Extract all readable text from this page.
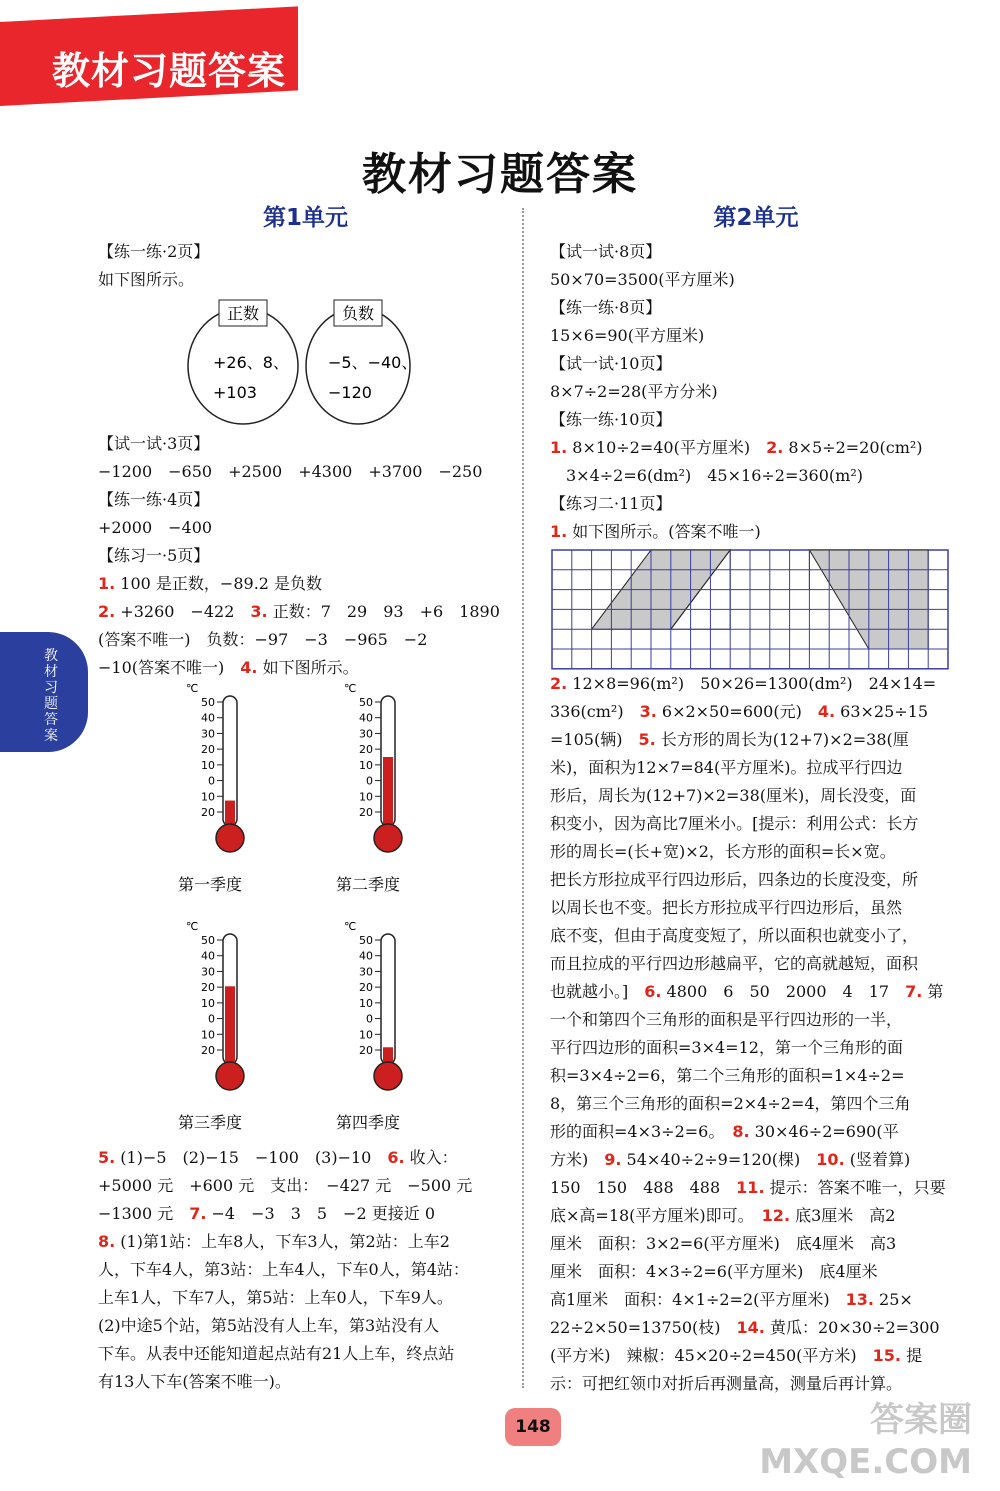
教材习题答案
教材习题答案
教材习题答案
第1单元
【练一练·2页】
如下图所示。
正数
+26、8、
+103
负数
−5、−40、
−120
【试一试·3页】
−1200　−650　+2500　+4300　+3700　−250
【练一练·4页】
+2000　−400
【练习一·5页】
1. 100 是正数，−89.2 是负数
2. +3260　−422　3. 正数：7　29　93　+6　1890
(答案不唯一)　负数：−97　−3　−965　−2
−10(答案不唯一)　4. 如下图所示。
℃
50
40
30
20
10
0
10
20
第一季度
℃
50
40
30
20
10
0
10
20
第二季度
℃
50
40
30
20
10
0
10
20
第三季度
℃
50
40
30
20
10
0
10
20
第四季度
5. (1)−5　(2)−15　−100　(3)−10　6. 收入：
+5000 元　+600 元　支出：　−427 元　−500 元
−1300 元　7. −4　−3　3　5　−2 更接近 0
8. (1)第1站：上车8人，下车3人，第2站：上车2
人，下车4人，第3站：上车4人，下车0人，第4站：
上车1人，下车7人，第5站：上车0人，下车9人。
(2)中途5个站，第5站没有人上车，第3站没有人
下车。从表中还能知道起点站有21人上车，终点站
有13人下车(答案不唯一)。
第2单元
【试一试·8页】
50×70=3500(平方厘米)
【练一练·8页】
15×6=90(平方厘米)
【试一试·10页】
8×7÷2=28(平方分米)
【练一练·10页】
1. 8×10÷2=40(平方厘米)　2. 8×5÷2=20(cm²)
3×4÷2=6(dm²)　45×16÷2=360(m²)
【练习二·11页】
1. 如下图所示。(答案不唯一)
2. 12×8=96(m²)　50×26=1300(dm²)　24×14=
336(cm²)　3. 6×2×50=600(元)　4. 63×25÷15
=105(辆)　5. 长方形的周长为(12+7)×2=38(厘
米)，面积为12×7=84(平方厘米)。拉成平行四边
形后，周长为(12+7)×2=38(厘米)，周长没变，面
积变小，因为高比7厘米小。[提示：利用公式：长方
形的周长=(长+宽)×2，长方形的面积=长×宽。
把长方形拉成平行四边形后，四条边的长度没变，所
以周长也不变。把长方形拉成平行四边形后，虽然
底不变，但由于高度变短了，所以面积也就变小了，
而且拉成的平行四边形越扁平，它的高就越短，面积
也就越小。]　6. 4800　6　50　2000　4　17　7. 第
一个和第四个三角形的面积是平行四边形的一半，
平行四边形的面积=3×4=12，第一个三角形的面
积=3×4÷2=6，第二个三角形的面积=1×4÷2=
8，第三个三角形的面积=2×4÷2=4，第四个三角
形的面积=4×3÷2=6。　8. 30×46÷2=690(平
方米)　9. 54×40÷2÷9=120(棵)　10. (竖着算)
150　150　488　488　11. 提示：答案不唯一，只要
底×高=18(平方厘米)即可。　12. 底3厘米　高2
厘米　面积：3×2=6(平方厘米)　底4厘米　高3
厘米　面积：4×3÷2=6(平方厘米)　底4厘米
高1厘米　面积：4×1÷2=2(平方厘米)　13. 25×
22÷2×50=13750(枝)　14. 黄瓜：20×30÷2=300
(平方米)　辣椒：45×20÷2=450(平方米)　15. 提
示：可把红领巾对折后再测量高，测量后再计算。
148	答案圈
MXQE.COM
